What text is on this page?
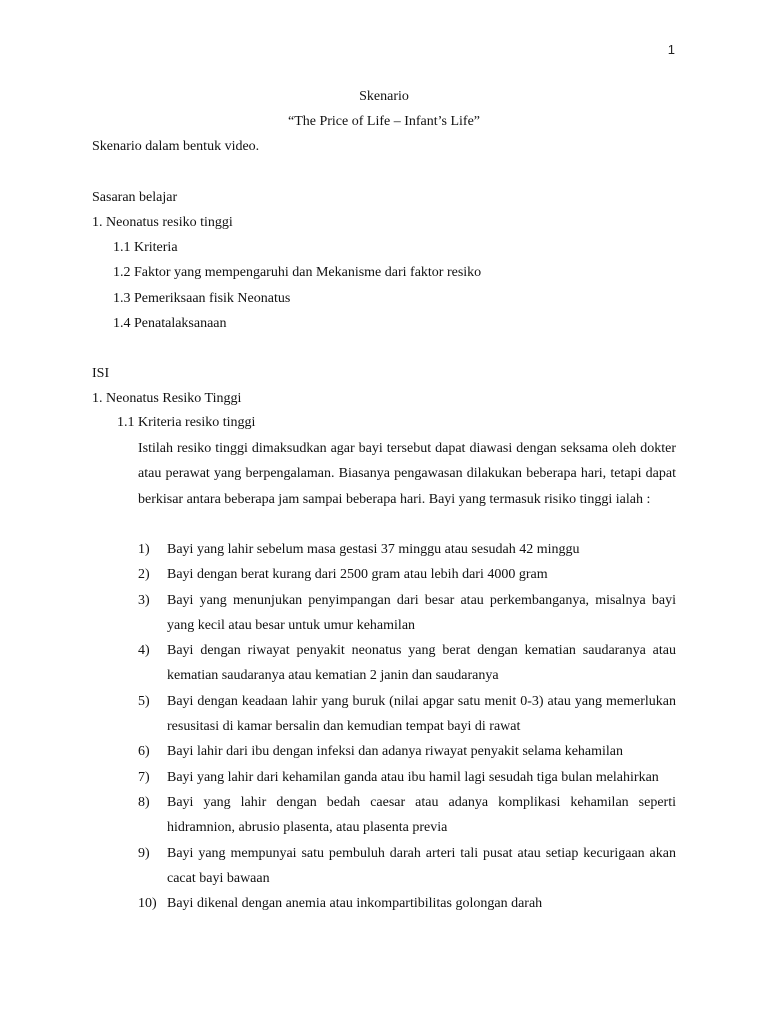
1
Skenario
“The Price of Life – Infant’s Life”
Skenario dalam bentuk video.
Sasaran belajar
1. Neonatus resiko tinggi
1.1 Kriteria
1.2 Faktor yang mempengaruhi dan Mekanisme dari faktor resiko
1.3 Pemeriksaan fisik Neonatus
1.4 Penatalaksanaan
ISI
1. Neonatus Resiko Tinggi
1.1 Kriteria resiko tinggi
Istilah resiko tinggi dimaksudkan agar bayi tersebut dapat diawasi dengan seksama oleh dokter atau perawat yang berpengalaman. Biasanya pengawasan dilakukan beberapa hari, tetapi dapat berkisar antara beberapa jam sampai beberapa hari. Bayi yang termasuk risiko tinggi ialah :
1) Bayi yang lahir sebelum masa gestasi 37 minggu atau sesudah 42 minggu
2) Bayi dengan berat kurang dari 2500 gram atau lebih dari 4000 gram
3) Bayi yang menunjukan penyimpangan dari besar atau perkembanganya, misalnya bayi yang kecil atau besar untuk umur kehamilan
4) Bayi dengan riwayat penyakit neonatus yang berat dengan kematian saudaranya atau kematian saudaranya atau kematian 2 janin dan saudaranya
5) Bayi dengan keadaan lahir yang buruk (nilai apgar satu menit 0-3) atau yang memerlukan resusitasi di kamar bersalin dan kemudian tempat bayi di rawat
6) Bayi lahir dari ibu dengan infeksi dan adanya riwayat penyakit selama kehamilan
7) Bayi yang lahir dari kehamilan ganda atau ibu hamil lagi sesudah tiga bulan melahirkan
8) Bayi yang lahir dengan bedah caesar atau adanya komplikasi kehamilan seperti hidramnion, abrusio plasenta, atau plasenta previa
9) Bayi yang mempunyai satu pembuluh darah arteri tali pusat atau setiap kecurigaan akan cacat bayi bawaan
10) Bayi dikenal dengan anemia atau inkompartibilitas golongan darah
